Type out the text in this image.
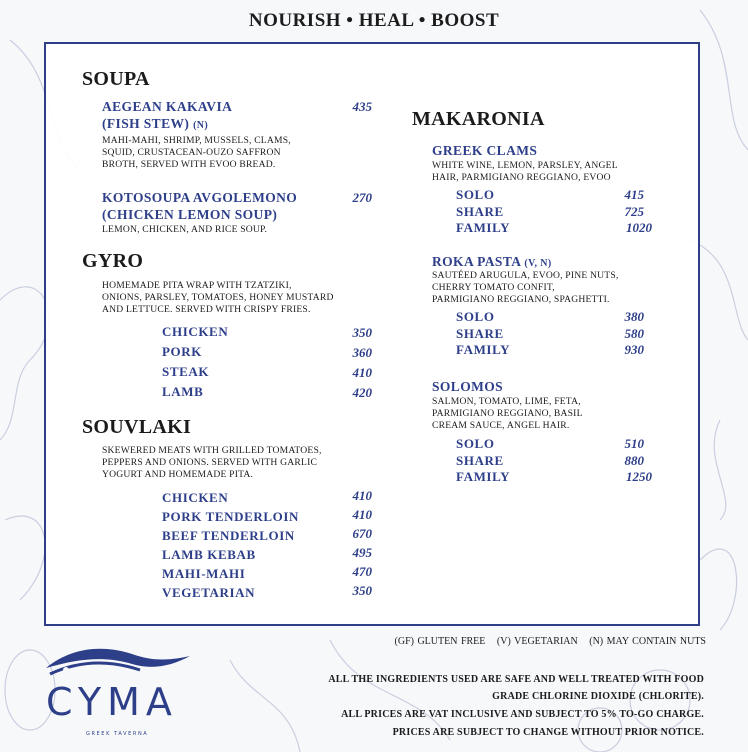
NOURISH • HEAL • BOOST
SOUPA
AEGEAN KAKAVIA
(FISH STEW) (N)
435
MAHI-MAHI, SHRIMP, MUSSELS, CLAMS,
SQUID, CRUSTACEAN-OUZO SAFFRON
BROTH, SERVED WITH EVOO BREAD.
KOTOSOUPA AVGOLEMONO
(CHICKEN LEMON SOUP)
270
LEMON, CHICKEN, AND RICE SOUP.
GYRO
HOMEMADE PITA WRAP WITH TZATZIKI,
ONIONS, PARSLEY, TOMATOES, HONEY MUSTARD
AND LETTUCE. SERVED WITH CRISPY FRIES.
CHICKEN	350
PORK	360
STEAK	410
LAMB	420
SOUVLAKI
SKEWERED MEATS WITH GRILLED TOMATOES,
PEPPERS AND ONIONS. SERVED WITH GARLIC
YOGURT AND HOMEMADE PITA.
CHICKEN	410
PORK TENDERLOIN	410
BEEF TENDERLOIN	670
LAMB KEBAB	495
MAHI-MAHI	470
VEGETARIAN	350
MAKARONIA
GREEK CLAMS
WHITE WINE, LEMON, PARSLEY, ANGEL
HAIR, PARMIGIANO REGGIANO, EVOO
SOLO	415
SHARE	725
FAMILY	1020
ROKA PASTA (V, N)
SAUTÉED ARUGULA, EVOO, PINE NUTS,
CHERRY TOMATO CONFIT,
PARMIGIANO REGGIANO, SPAGHETTI.
SOLO	380
SHARE	580
FAMILY	930
SOLOMOS
SALMON, TOMATO, LIME, FETA,
PARMIGIANO REGGIANO, BASIL
CREAM SAUCE, ANGEL HAIR.
SOLO	510
SHARE	880
FAMILY	1250
(GF) GLUTEN FREE (V) VEGETARIAN (N) MAY CONTAIN NUTS
ALL THE INGREDIENTS USED ARE SAFE AND WELL TREATED WITH FOOD
GRADE CHLORINE DIOXIDE (CHLORITE).
ALL PRICES ARE VAT INCLUSIVE AND SUBJECT TO 5% TO-GO CHARGE.
PRICES ARE SUBJECT TO CHANGE WITHOUT PRIOR NOTICE.
CYMA
GREEK TAVERNA
